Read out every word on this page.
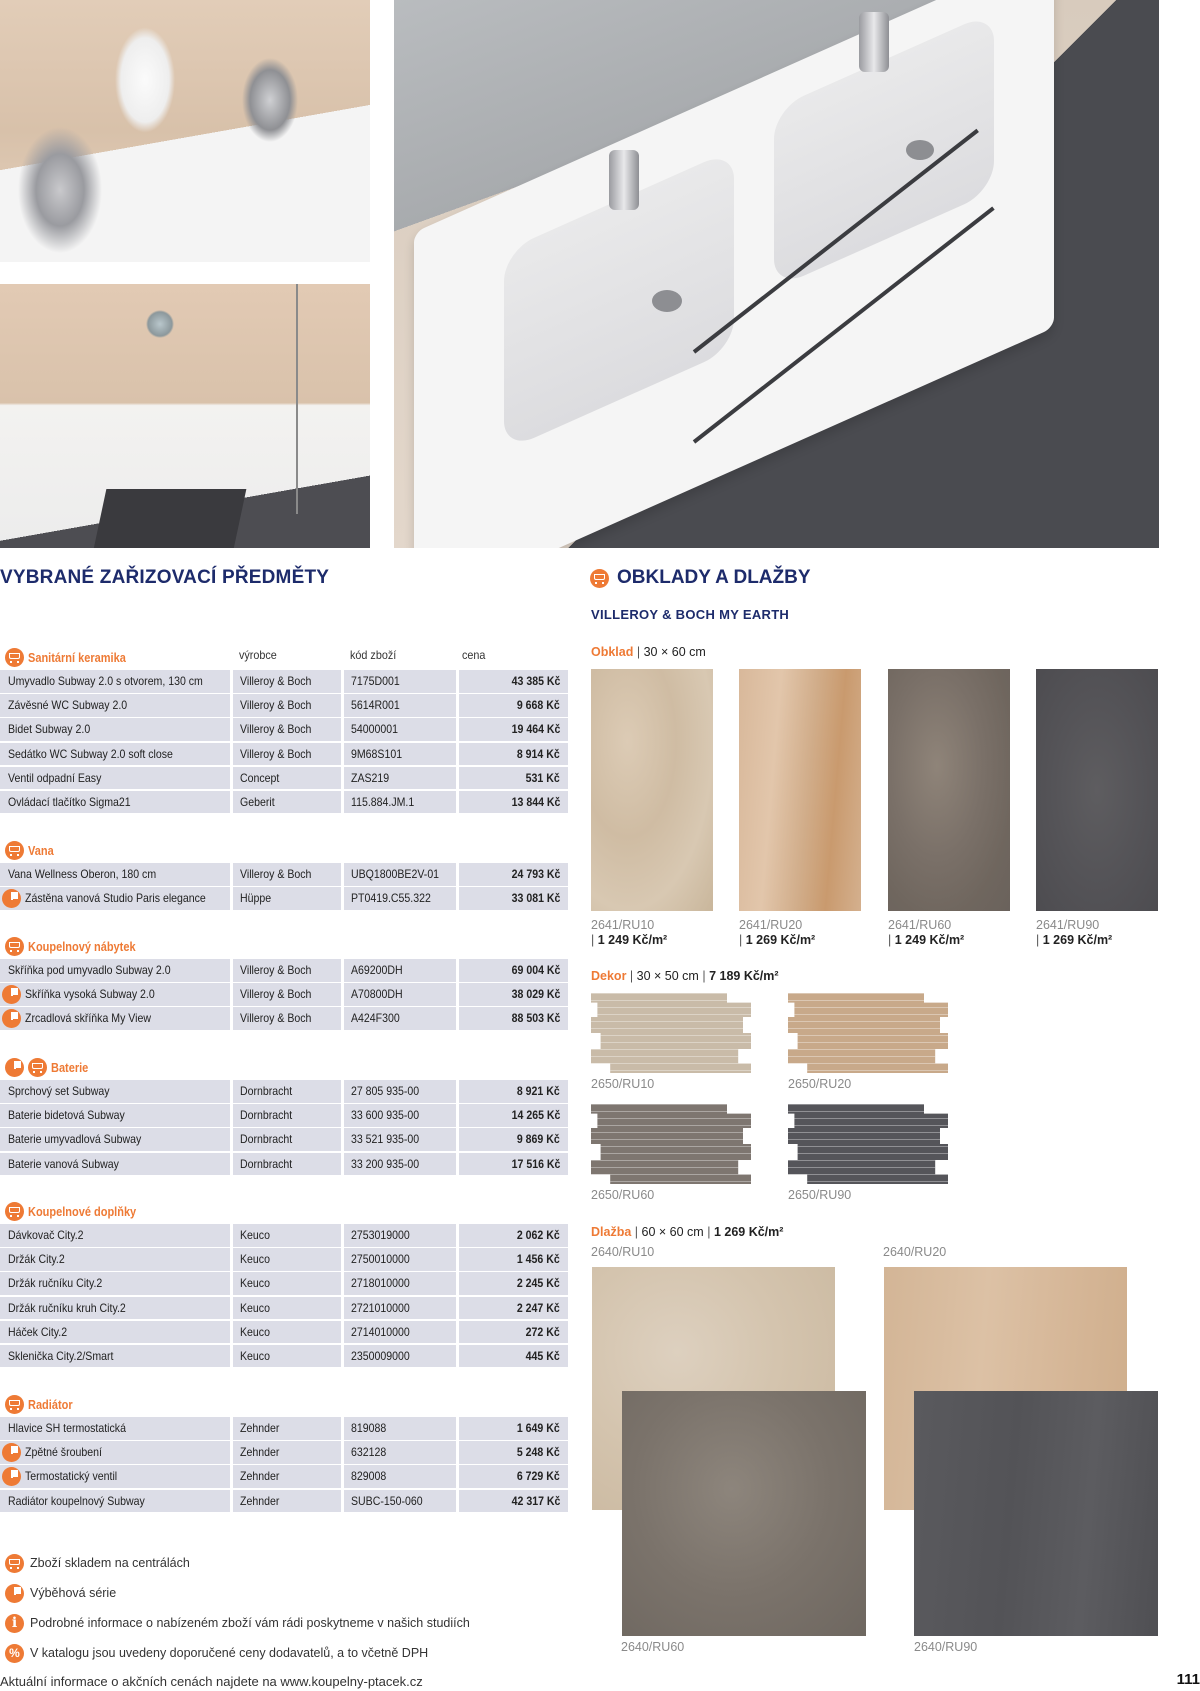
VYBRANÉ ZAŘIZOVACÍ PŘEDMĚTY	OBKLADY A DLAŽBY
VILLEROY & BOCH MY EARTH
výrobce	kód zboží	cena
Sanitární keramika
Umyvadlo Subway 2.0 s otvorem, 130 cm	Villeroy & Boch	7175D001	43 385 Kč
Závěsné WC Subway 2.0	Villeroy & Boch	5614R001	9 668 Kč
Bidet Subway 2.0	Villeroy & Boch	54000001	19 464 Kč
Sedátko WC Subway 2.0 soft close	Villeroy & Boch	9M68S101	8 914 Kč
Ventil odpadní Easy	Concept	ZAS219	531 Kč
Ovládací tlačítko Sigma21	Geberit	115.884.JM.1	13 844 Kč
Vana
Vana Wellness Oberon, 180 cm	Villeroy & Boch	UBQ1800BE2V-01	24 793 Kč
Zástěna vanová Studio Paris elegance	Hüppe	PT0419.C55.322	33 081 Kč
Koupelnový nábytek
Skříňka pod umyvadlo Subway 2.0	Villeroy & Boch	A69200DH	69 004 Kč
Skříňka vysoká Subway 2.0	Villeroy & Boch	A70800DH	38 029 Kč
Zrcadlová skříňka My View	Villeroy & Boch	A424F300	88 503 Kč
Baterie
Sprchový set Subway	Dornbracht	27 805 935-00	8 921 Kč
Baterie bidetová Subway	Dornbracht	33 600 935-00	14 265 Kč
Baterie umyvadlová Subway	Dornbracht	33 521 935-00	9 869 Kč
Baterie vanová Subway	Dornbracht	33 200 935-00	17 516 Kč
Koupelnové doplňky
Dávkovač City.2	Keuco	2753019000	2 062 Kč
Držák City.2	Keuco	2750010000	1 456 Kč
Držák ručníku City.2	Keuco	2718010000	2 245 Kč
Držák ručníku kruh City.2	Keuco	2721010000	2 247 Kč
Háček City.2	Keuco	2714010000	272 Kč
Sklenička City.2/Smart	Keuco	2350009000	445 Kč
Radiátor
Hlavice SH termostatická	Zehnder	819088	1 649 Kč
Zpětné šroubení	Zehnder	632128	5 248 Kč
Termostatický ventil	Zehnder	829008	6 729 Kč
Radiátor koupelnový Subway	Zehnder	SUBC-150-060	42 317 Kč
Zboží skladem na centrálách
Výběhová série
i
Podrobné informace o nabízeném zboží vám rádi poskytneme v našich studiích
%
V katalogu jsou uvedeny doporučené ceny dodavatelů, a to včetně DPH
Aktuální informace o akčních cenách najdete na www.koupelny-ptacek.cz	111
Obklad | 30 × 60 cm
2641/RU10	2641/RU20	2641/RU60	2641/RU90
| 1 249 Kč/m²	| 1 269 Kč/m²	| 1 249 Kč/m²	| 1 269 Kč/m²
Dekor | 30 × 50 cm | 7 189 Kč/m²
2650/RU10	2650/RU20
2650/RU60	2650/RU90
Dlažba | 60 × 60 cm | 1 269 Kč/m²
2640/RU10	2640/RU20
2640/RU60	2640/RU90
